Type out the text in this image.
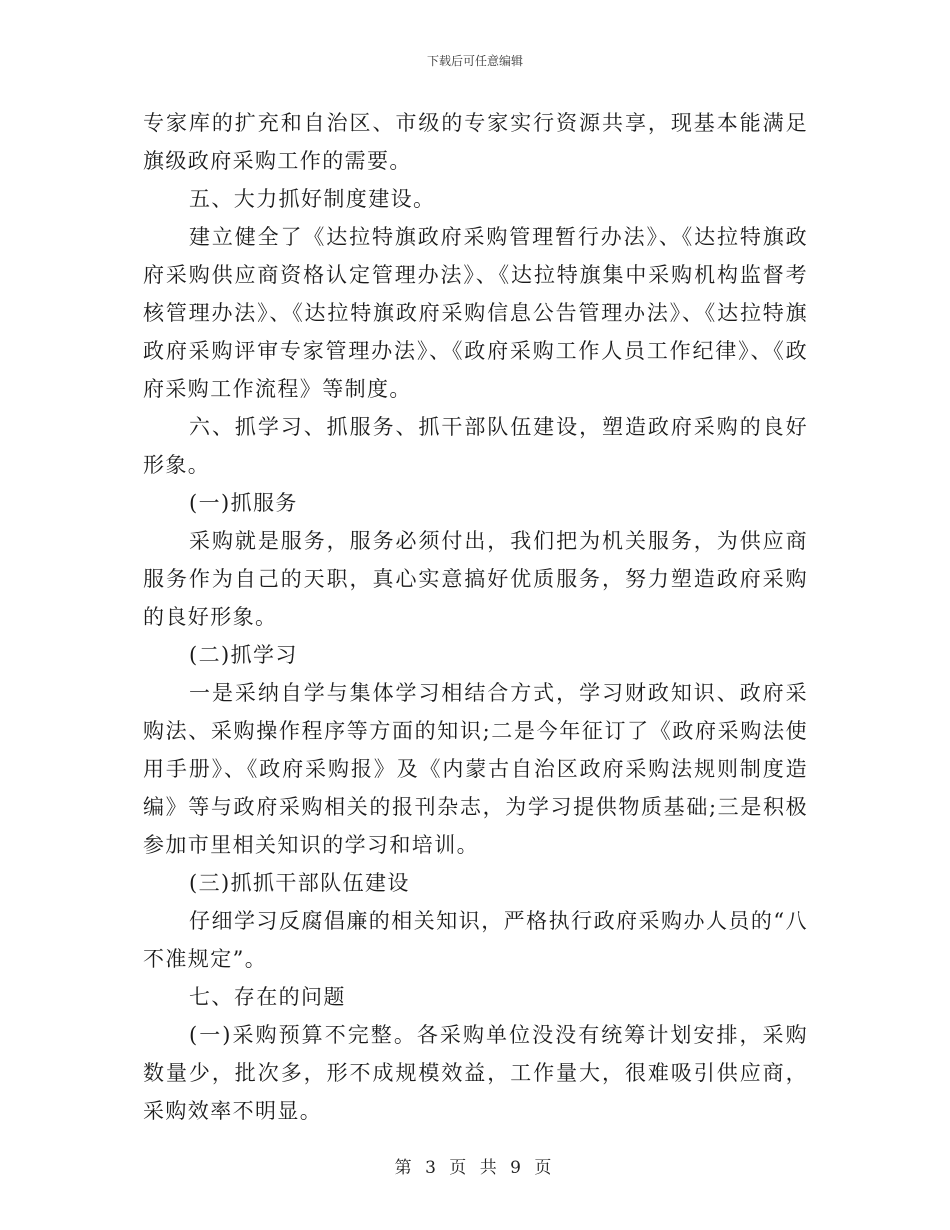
下载后可任意编辑

专家库的扩充和自治区、市级的专家实行资源共享，现基本能满足旗级政府采购工作的需要。

五、大力抓好制度建设。

建立健全了《达拉特旗政府采购管理暂行办法》、《达拉特旗政府采购供应商资格认定管理办法》、《达拉特旗集中采购机构监督考核管理办法》、《达拉特旗政府采购信息公告管理办法》、《达拉特旗政府采购评审专家管理办法》、《政府采购工作人员工作纪律》、《政府采购工作流程》等制度。

六、抓学习、抓服务、抓干部队伍建设，塑造政府采购的良好形象。

(一)抓服务

采购就是服务，服务必须付出，我们把为机关服务，为供应商服务作为自己的天职，真心实意搞好优质服务，努力塑造政府采购的良好形象。

(二)抓学习

一是采纳自学与集体学习相结合方式，学习财政知识、政府采购法、采购操作程序等方面的知识;二是今年征订了《政府采购法使用手册》、《政府采购报》及《内蒙古自治区政府采购法规则制度造编》等与政府采购相关的报刊杂志，为学习提供物质基础;三是积极参加市里相关知识的学习和培训。

(三)抓抓干部队伍建设

仔细学习反腐倡廉的相关知识，严格执行政府采购办人员的“八不准规定”。

七、存在的问题

(一)采购预算不完整。各采购单位没没有统筹计划安排，采购数量少，批次多，形不成规模效益，工作量大，很难吸引供应商，采购效率不明显。

第 3 页 共 9 页
